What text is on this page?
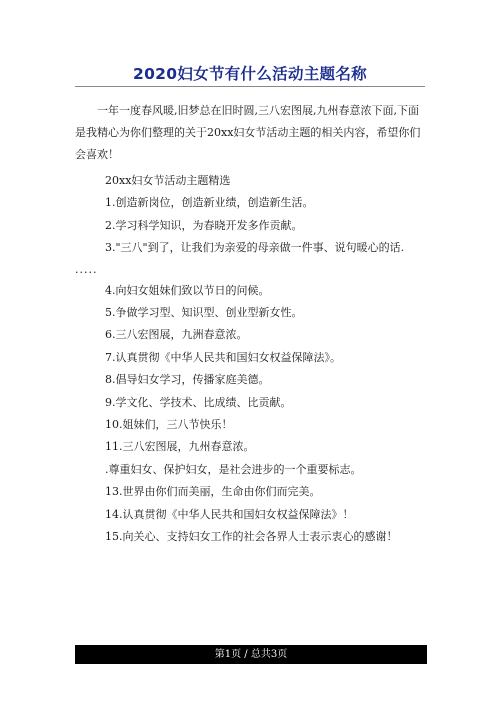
2020妇女节有什么活动主题名称

一年一度春风暖,旧梦总在旧时圆,三八宏图展,九州春意浓下面,下面是我精心为你们整理的关于20xx妇女节活动主题的相关内容，希望你们会喜欢！

20xx妇女节活动主题精选

1.创造新岗位，创造新业绩，创造新生活。

2.学习科学知识，为春晓开发多作贡献。

3."三八"到了，让我们为亲爱的母亲做一件事、说句暖心的话.

.....

4.向妇女姐妹们致以节日的问候。

5.争做学习型、知识型、创业型新女性。

6.三八宏图展，九洲春意浓。

7.认真贯彻《中华人民共和国妇女权益保障法》。

8.倡导妇女学习，传播家庭美德。

9.学文化、学技术、比成绩、比贡献。

10.姐妹们，三八节快乐！

11.三八宏图展，九州春意浓。

.尊重妇女、保护妇女，是社会进步的一个重要标志。

13.世界由你们而美丽，生命由你们而完美。

14.认真贯彻《中华人民共和国妇女权益保障法》！

15.向关心、支持妇女工作的社会各界人士表示衷心的感谢！

第1页 / 总共3页
